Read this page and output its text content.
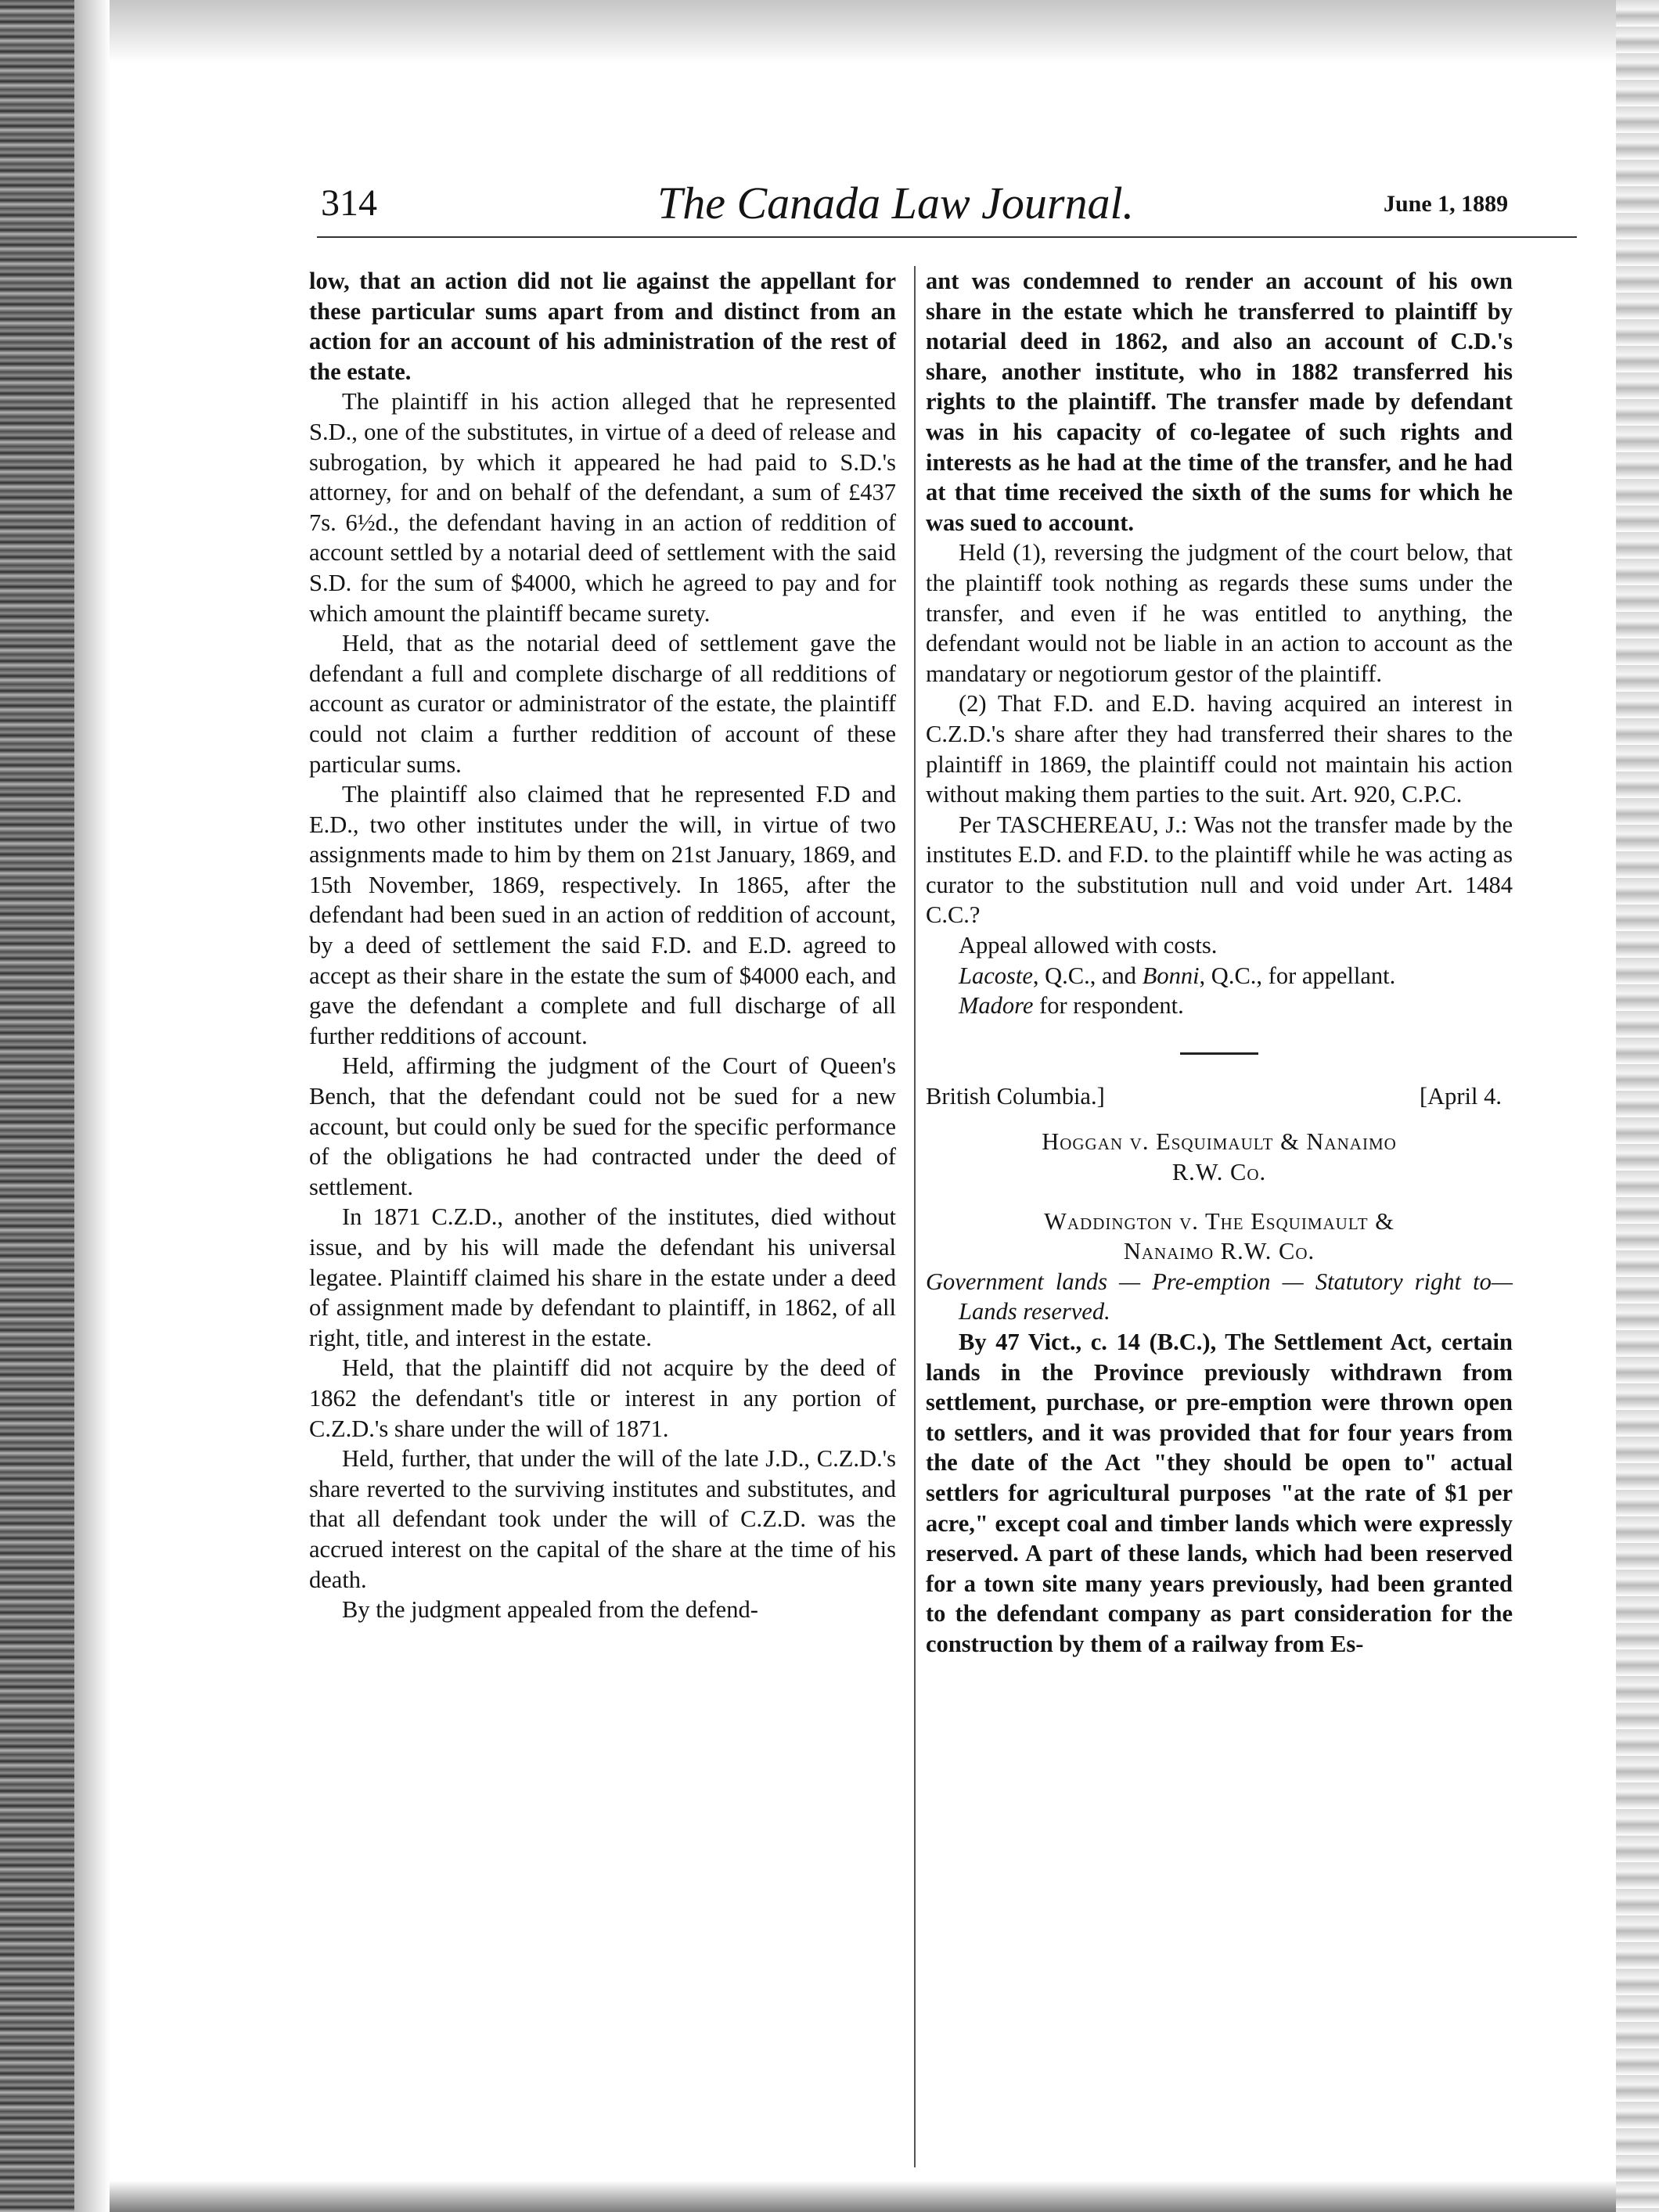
314	The Canada Law Journal.	June 1, 1889

low, that an action did not lie against the appellant for these particular sums apart from and distinct from an action for an account of his administration of the rest of the estate.

The plaintiff in his action alleged that he represented S.D., one of the substitutes, in virtue of a deed of release and subrogation, by which it appeared he had paid to S.D.'s attorney, for and on behalf of the defendant, a sum of £437 7s. 6½d., the defendant having in an action of reddition of account settled by a notarial deed of settlement with the said S.D. for the sum of $4000, which he agreed to pay and for which amount the plaintiff became surety.

Held, that as the notarial deed of settlement gave the defendant a full and complete discharge of all redditions of account as curator or administrator of the estate, the plaintiff could not claim a further reddition of account of these particular sums.

The plaintiff also claimed that he represented F.D and E.D., two other institutes under the will, in virtue of two assignments made to him by them on 21st January, 1869, and 15th November, 1869, respectively. In 1865, after the defendant had been sued in an action of reddition of account, by a deed of settlement the said F.D. and E.D. agreed to accept as their share in the estate the sum of $4000 each, and gave the defendant a complete and full discharge of all further redditions of account.

Held, affirming the judgment of the Court of Queen's Bench, that the defendant could not be sued for a new account, but could only be sued for the specific performance of the obligations he had contracted under the deed of settlement.

In 1871 C.Z.D., another of the institutes, died without issue, and by his will made the defendant his universal legatee. Plaintiff claimed his share in the estate under a deed of assignment made by defendant to plaintiff, in 1862, of all right, title, and interest in the estate.

Held, that the plaintiff did not acquire by the deed of 1862 the defendant's title or interest in any portion of C.Z.D.'s share under the will of 1871.

Held, further, that under the will of the late J.D., C.Z.D.'s share reverted to the surviving institutes and substitutes, and that all defendant took under the will of C.Z.D. was the accrued interest on the capital of the share at the time of his death.

By the judgment appealed from the defend-

ant was condemned to render an account of his own share in the estate which he transferred to plaintiff by notarial deed in 1862, and also an account of C.D.'s share, another institute, who in 1882 transferred his rights to the plaintiff. The transfer made by defendant was in his capacity of co-legatee of such rights and interests as he had at the time of the transfer, and he had at that time received the sixth of the sums for which he was sued to account.

Held (1), reversing the judgment of the court below, that the plaintiff took nothing as regards these sums under the transfer, and even if he was entitled to anything, the defendant would not be liable in an action to account as the mandatary or negotiorum gestor of the plaintiff.

(2) That F.D. and E.D. having acquired an interest in C.Z.D.'s share after they had transferred their shares to the plaintiff in 1869, the plaintiff could not maintain his action without making them parties to the suit. Art. 920, C.P.C.

Per TASCHEREAU, J.: Was not the transfer made by the institutes E.D. and F.D. to the plaintiff while he was acting as curator to the substitution null and void under Art. 1484 C.C.?

Appeal allowed with costs.

Lacoste, Q.C., and Bonni, Q.C., for appellant.

Madore for respondent.

British Columbia.]	[April 4.
Hoggan v. Esquimault & Nanaimo
R.W. Co.
Waddington v. The Esquimault &
Nanaimo R.W. Co.

Government lands — Pre-emption — Statutory right to—Lands reserved.

By 47 Vict., c. 14 (B.C.), The Settlement Act, certain lands in the Province previously withdrawn from settlement, purchase, or pre-emption were thrown open to settlers, and it was provided that for four years from the date of the Act "they should be open to" actual settlers for agricultural purposes "at the rate of $1 per acre," except coal and timber lands which were expressly reserved. A part of these lands, which had been reserved for a town site many years previously, had been granted to the defendant company as part consideration for the construction by them of a railway from Es-
